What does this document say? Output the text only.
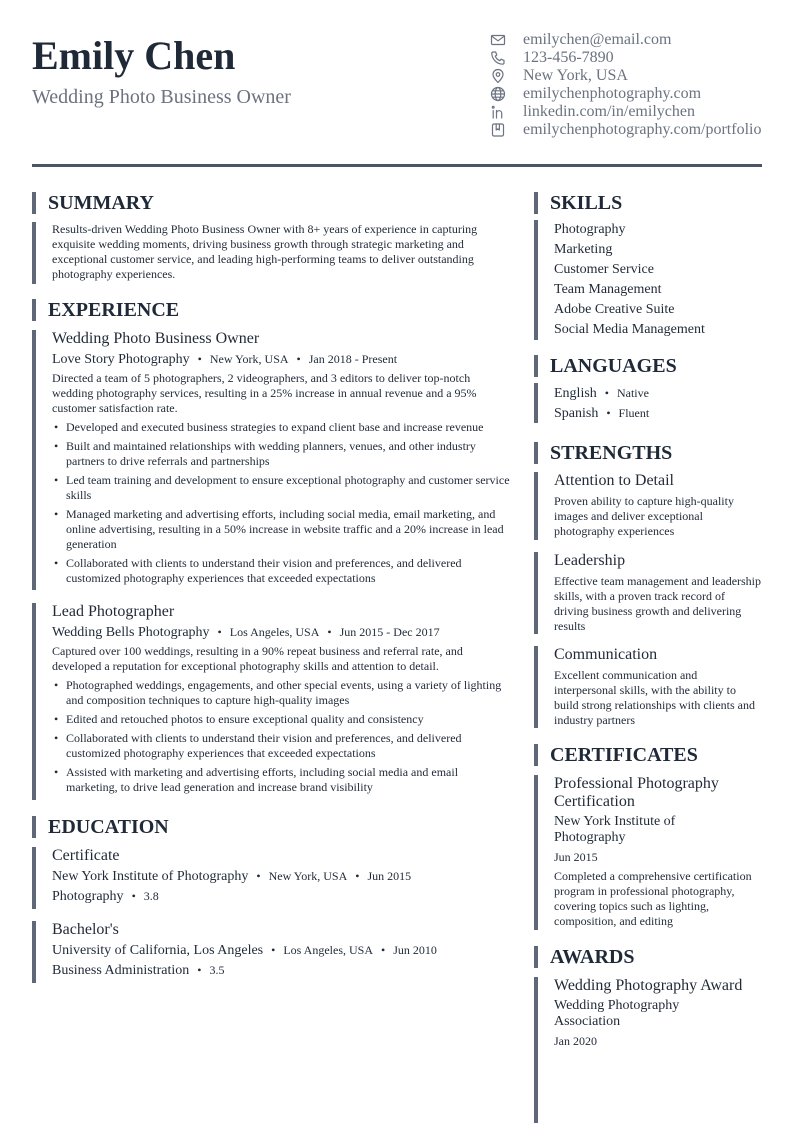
Emily Chen
Wedding Photo Business Owner
emilychen@email.com
123-456-7890
New York, USA
emilychenphotography.com
linkedin.com/in/emilychen
emilychenphotography.com/portfolio
SUMMARY
Results-driven Wedding Photo Business Owner with 8+ years of experience in capturing exquisite wedding moments, driving business growth through strategic marketing and exceptional customer service, and leading high-performing teams to deliver outstanding photography experiences.
EXPERIENCE
Wedding Photo Business Owner
Love Story Photography	• New York, USA	• Jan 2018 - Present
Directed a team of 5 photographers, 2 videographers, and 3 editors to deliver top-notch wedding photography services, resulting in a 25% increase in annual revenue and a 95% customer satisfaction rate.
• Developed and executed business strategies to expand client base and increase revenue
• Built and maintained relationships with wedding planners, venues, and other industry partners to drive referrals and partnerships
• Led team training and development to ensure exceptional photography and customer service skills
• Managed marketing and advertising efforts, including social media, email marketing, and online advertising, resulting in a 50% increase in website traffic and a 20% increase in lead generation
• Collaborated with clients to understand their vision and preferences, and delivered customized photography experiences that exceeded expectations
Lead Photographer
Wedding Bells Photography	• Los Angeles, USA	• Jun 2015 - Dec 2017
Captured over 100 weddings, resulting in a 90% repeat business and referral rate, and developed a reputation for exceptional photography skills and attention to detail.
• Photographed weddings, engagements, and other special events, using a variety of lighting and composition techniques to capture high-quality images
• Edited and retouched photos to ensure exceptional quality and consistency
• Collaborated with clients to understand their vision and preferences, and delivered customized photography experiences that exceeded expectations
• Assisted with marketing and advertising efforts, including social media and email marketing, to drive lead generation and increase brand visibility
EDUCATION
Certificate
New York Institute of Photography	• New York, USA	• Jun 2015
Photography	• 3.8
Bachelor's
University of California, Los Angeles	• Los Angeles, USA	• Jun 2010
Business Administration	• 3.5
SKILLS
Photography
Marketing
Customer Service
Team Management
Adobe Creative Suite
Social Media Management
LANGUAGES
English	• Native
Spanish	• Fluent
STRENGTHS
Attention to Detail
Proven ability to capture high-quality images and deliver exceptional photography experiences
Leadership
Effective team management and leadership skills, with a proven track record of driving business growth and delivering results
Communication
Excellent communication and interpersonal skills, with the ability to build strong relationships with clients and industry partners
CERTIFICATES
Professional Photography Certification
New York Institute of Photography
Jun 2015
Completed a comprehensive certification program in professional photography, covering topics such as lighting, composition, and editing
AWARDS
Wedding Photography Award
Wedding Photography Association
Jan 2020
